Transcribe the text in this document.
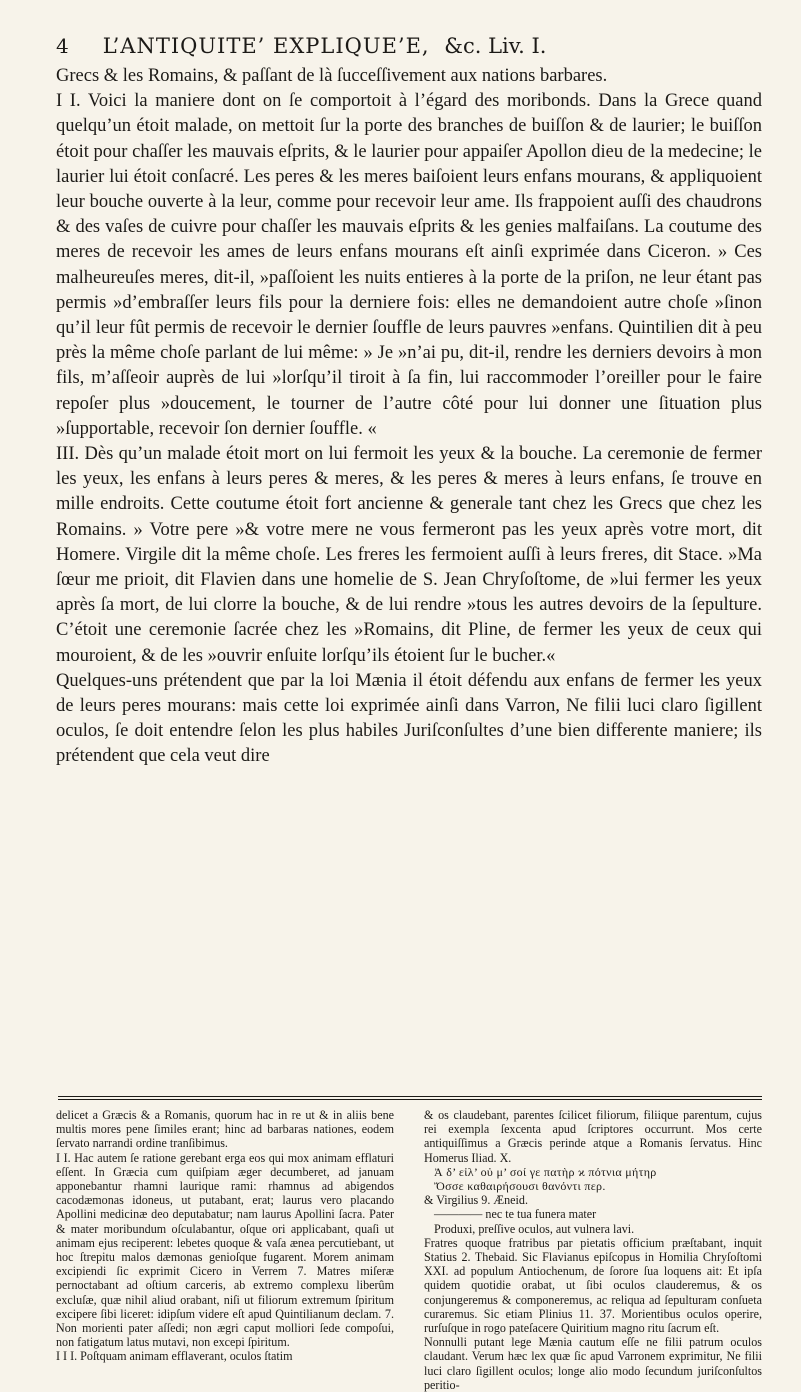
4 L’ANTIQUITE’ EXPLIQUE’E, &c. Liv. I.

Grecs & les Romains, & paſſant de là ſucceſſivement aux nations barbares.

I I. Voici la maniere dont on ſe comportoit à l’égard des moribonds. Dans la Grece quand quelqu’un étoit malade, on mettoit ſur la porte des branches de buiſſon & de laurier; le buiſſon étoit pour chaſſer les mauvais eſprits, & le laurier pour appaiſer Apollon dieu de la medecine; le laurier lui étoit conſacré. Les peres & les meres baiſoient leurs enfans mourans, & appliquoient leur bouche ouverte à la leur, comme pour recevoir leur ame. Ils frappoient auſſi des chaudrons & des vaſes de cuivre pour chaſſer les mauvais eſprits & les genies malfaiſans. La coutume des meres de recevoir les ames de leurs enfans mourans eſt ainſi exprimée dans Ciceron. » Ces malheureuſes meres, dit-il, »paſſoient les nuits entieres à la porte de la priſon, ne leur étant pas permis »d’embraſſer leurs fils pour la derniere fois: elles ne demandoient autre choſe »ſinon qu’il leur fût permis de recevoir le dernier ſouffle de leurs pauvres »enfans. Quintilien dit à peu près la même choſe parlant de lui même: » Je »n’ai pu, dit-il, rendre les derniers devoirs à mon fils, m’aſſeoir auprès de lui »lorſqu’il tiroit à ſa fin, lui raccommoder l’oreiller pour le faire repoſer plus »doucement, le tourner de l’autre côté pour lui donner une ſituation plus »ſupportable, recevoir ſon dernier ſouffle. «

III. Dès qu’un malade étoit mort on lui fermoit les yeux & la bouche. La ceremonie de fermer les yeux, les enfans à leurs peres & meres, & les peres & meres à leurs enfans, ſe trouve en mille endroits. Cette coutume étoit fort ancienne & generale tant chez les Grecs que chez les Romains. » Votre pere »& votre mere ne vous fermeront pas les yeux après votre mort, dit Homere. Virgile dit la même choſe. Les freres les fermoient auſſi à leurs freres, dit Stace. »Ma ſœur me prioit, dit Flavien dans une homelie de S. Jean Chryſoſtome, de »lui fermer les yeux après ſa mort, de lui clorre la bouche, & de lui rendre »tous les autres devoirs de la ſepulture. C’étoit une ceremonie ſacrée chez les »Romains, dit Pline, de fermer les yeux de ceux qui mouroient, & de les »ouvrir enſuite lorſqu’ils étoient ſur le bucher.«

Quelques-uns prétendent que par la loi Mænia il étoit défendu aux enfans de fermer les yeux de leurs peres mourans: mais cette loi exprimée ainſi dans Varron, Ne filii luci claro ſigillent oculos, ſe doit entendre ſelon les plus habiles Juriſconſultes d’une bien differente maniere; ils prétendent que cela veut dire

delicet a Græcis & a Romanis, quorum hac in re ut & in aliis bene multis mores pene ſimiles erant; hinc ad barbaras nationes, eodem ſervato narrandi ordine tranſibimus.

I I. Hac autem ſe ratione gerebant erga eos qui mox animam efflaturi eſſent. In Græcia cum quiſpiam æger decumberet, ad januam apponebantur rhamni laurique rami: rhamnus ad abigendos cacodæmonas idoneus, ut putabant, erat; laurus vero placando Apollini medicinæ deo deputabatur; nam laurus Apollini ſacra. Pater & mater moribundum oſculabantur, oſque ori applicabant, quaſi ut animam ejus reciperent: lebetes quoque & vaſa ænea percutiebant, ut hoc ſtrepitu malos dæmonas genioſque fugarent. Morem animam excipiendi ſic exprimit Cicero in Verrem 7. Matres miſeræ pernoctabant ad oſtium carceris, ab extremo complexu liberûm excluſæ, quæ nihil aliud orabant, niſi ut filiorum extremum ſpiritum excipere ſibi liceret: idipſum videre eſt apud Quintilianum declam. 7. Non morienti pater aſſedi; non ægri caput molliori ſede compoſui, non fatigatum latus mutavi, non excepi ſpiritum.

I I I. Poſtquam animam efflaverant, oculos ſtatim

& os claudebant, parentes ſcilicet filiorum, filiique parentum, cujus rei exempla ſexcenta apud ſcriptores occurrunt. Mos certe antiquiſſimus a Græcis perinde atque a Romanis ſervatus. Hinc Homerus Iliad. X.

Ἀ δ’ εἰλ’ οὐ μ’ σοί γε πατὴρ ϰ πότνια μήτηρ

Ὄσσε καθαιρήσουσι θανόντι περ.

& Virgilius 9. Æneid.

———— nec te tua funera mater

Produxi, preſſive oculos, aut vulnera lavi.

Fratres quoque fratribus par pietatis officium præſtabant, inquit Statius 2. Thebaid. Sic Flavianus epiſcopus in Homilia Chryſoſtomi XXI. ad populum Antiochenum, de ſorore ſua loquens ait: Et ipſa quidem quotidie orabat, ut ſibi oculos clauderemus, & os conjungeremus & componeremus, ac reliqua ad ſepulturam conſueta curaremus. Sic etiam Plinius 11. 37. Morientibus oculos operire, rurſuſque in rogo pateſacere Quiritium magno ritu ſacrum eſt.

Nonnulli putant lege Mænia cautum eſſe ne filii patrum oculos claudant. Verum hæc lex quæ ſic apud Varronem exprimitur, Ne filii luci claro ſigillent oculos; longe alio modo ſecundum juriſconſultos peritio-
